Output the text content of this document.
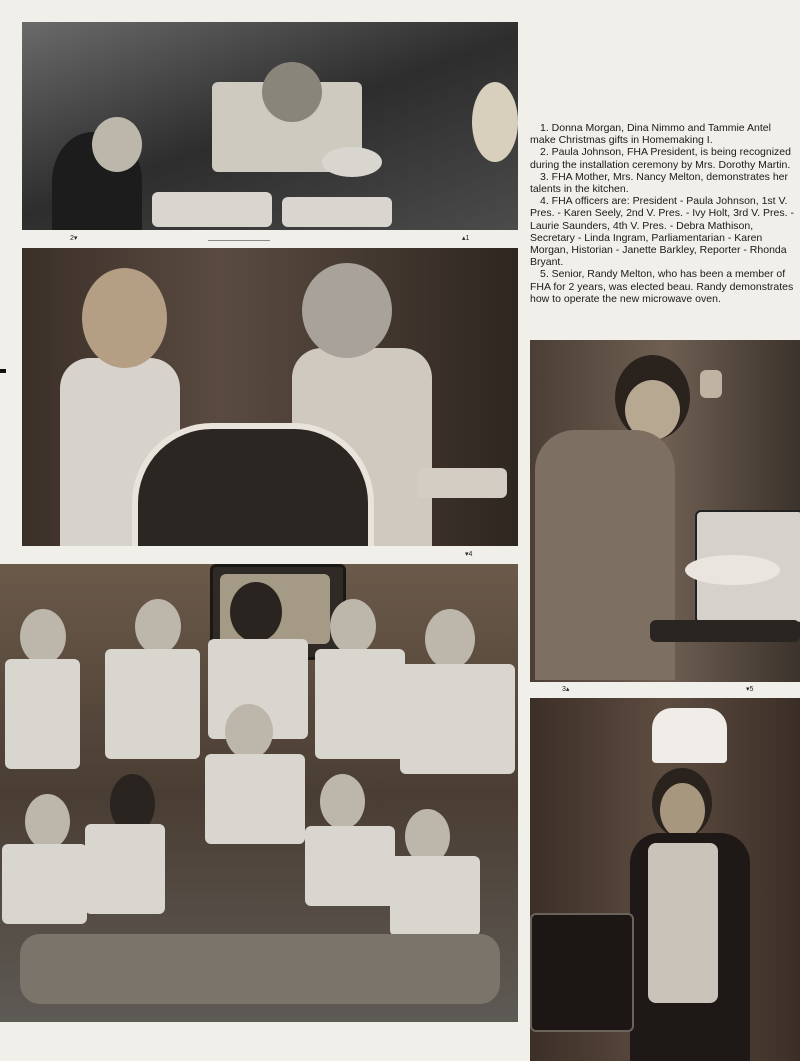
2▾	▴1
▾4

1. Donna Morgan, Dina Nimmo and Tammie Antel make Christmas gifts in Homemaking I.

2. Paula Johnson, FHA President, is being recognized during the installation ceremony by Mrs. Dorothy Martin.

3. FHA Mother, Mrs. Nancy Melton, demonstrates her talents in the kitchen.

4. FHA officers are: President - Paula Johnson, 1st V. Pres. - Karen Seely, 2nd V. Pres. - Ivy Holt, 3rd V. Pres. - Laurie Saunders, 4th V. Pres. - Debra Mathison, Secretary - Linda Ingram, Parliamentarian - Karen Morgan, Historian - Janette Barkley, Reporter - Rhonda Bryant.

5. Senior, Randy Melton, who has been a member of FHA for 2 years, was elected beau. Randy demonstrates how to operate the new microwave oven.

3▴	▾5
